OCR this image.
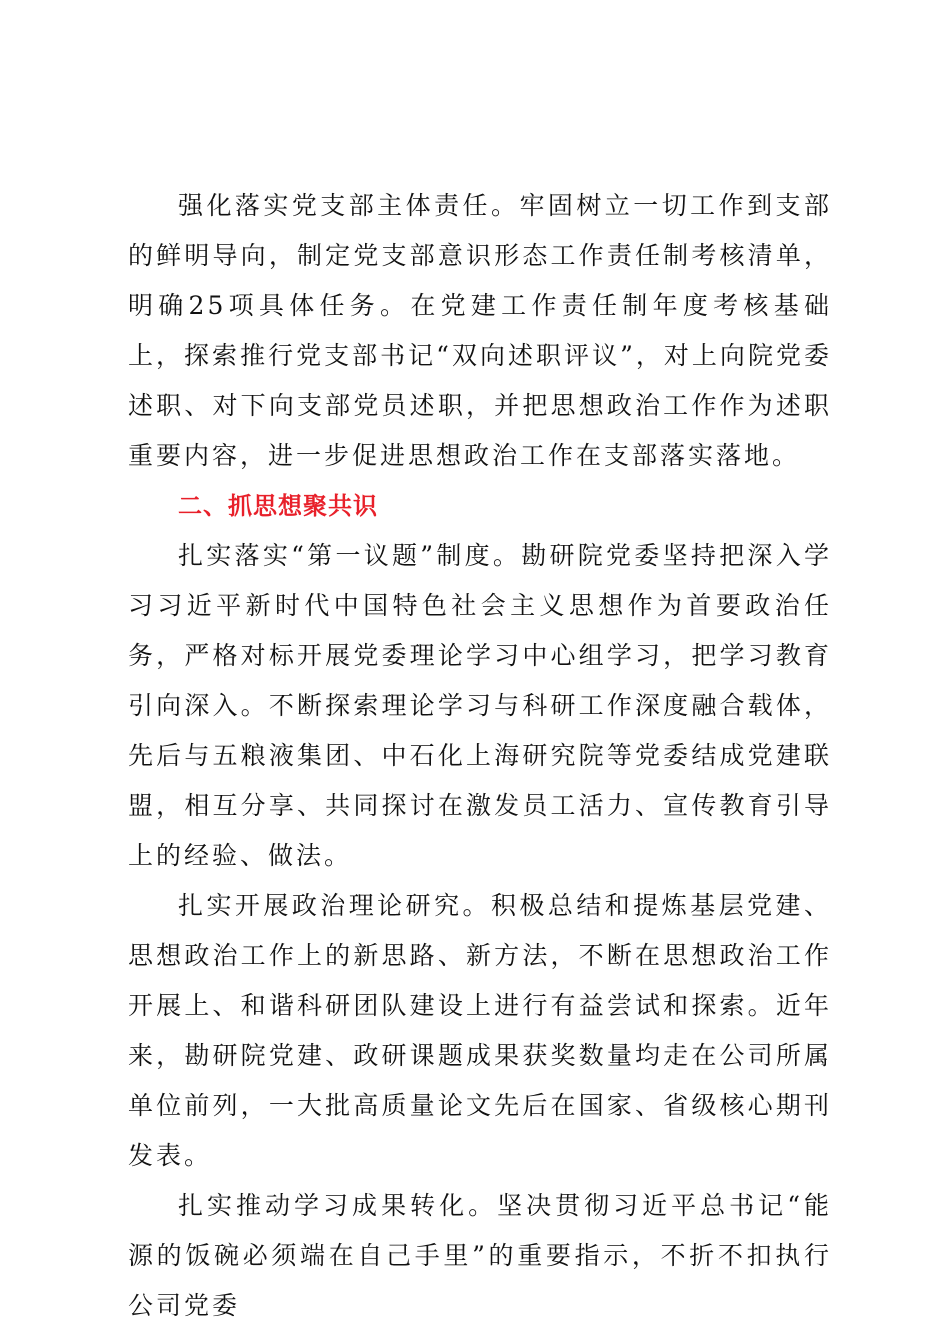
强化落实党支部主体责任。牢固树立一切工作到支部的鲜明导向，制定党支部意识形态工作责任制考核清单，明确25项具体任务。在党建工作责任制年度考核基础上，探索推行党支部书记“双向述职评议”，对上向院党委述职、对下向支部党员述职，并把思想政治工作作为述职重要内容，进一步促进思想政治工作在支部落实落地。

二、抓思想聚共识

扎实落实“第一议题”制度。勘研院党委坚持把深入学习习近平新时代中国特色社会主义思想作为首要政治任务，严格对标开展党委理论学习中心组学习，把学习教育引向深入。不断探索理论学习与科研工作深度融合载体，先后与五粮液集团、中石化上海研究院等党委结成党建联盟，相互分享、共同探讨在激发员工活力、宣传教育引导上的经验、做法。

扎实开展政治理论研究。积极总结和提炼基层党建、思想政治工作上的新思路、新方法，不断在思想政治工作开展上、和谐科研团队建设上进行有益尝试和探索。近年来，勘研院党建、政研课题成果获奖数量均走在公司所属单位前列，一大批高质量论文先后在国家、省级核心期刊发表。

扎实推动学习成果转化。坚决贯彻习近平总书记“能源的饭碗必须端在自己手里”的重要指示，不折不扣执行公司党委
